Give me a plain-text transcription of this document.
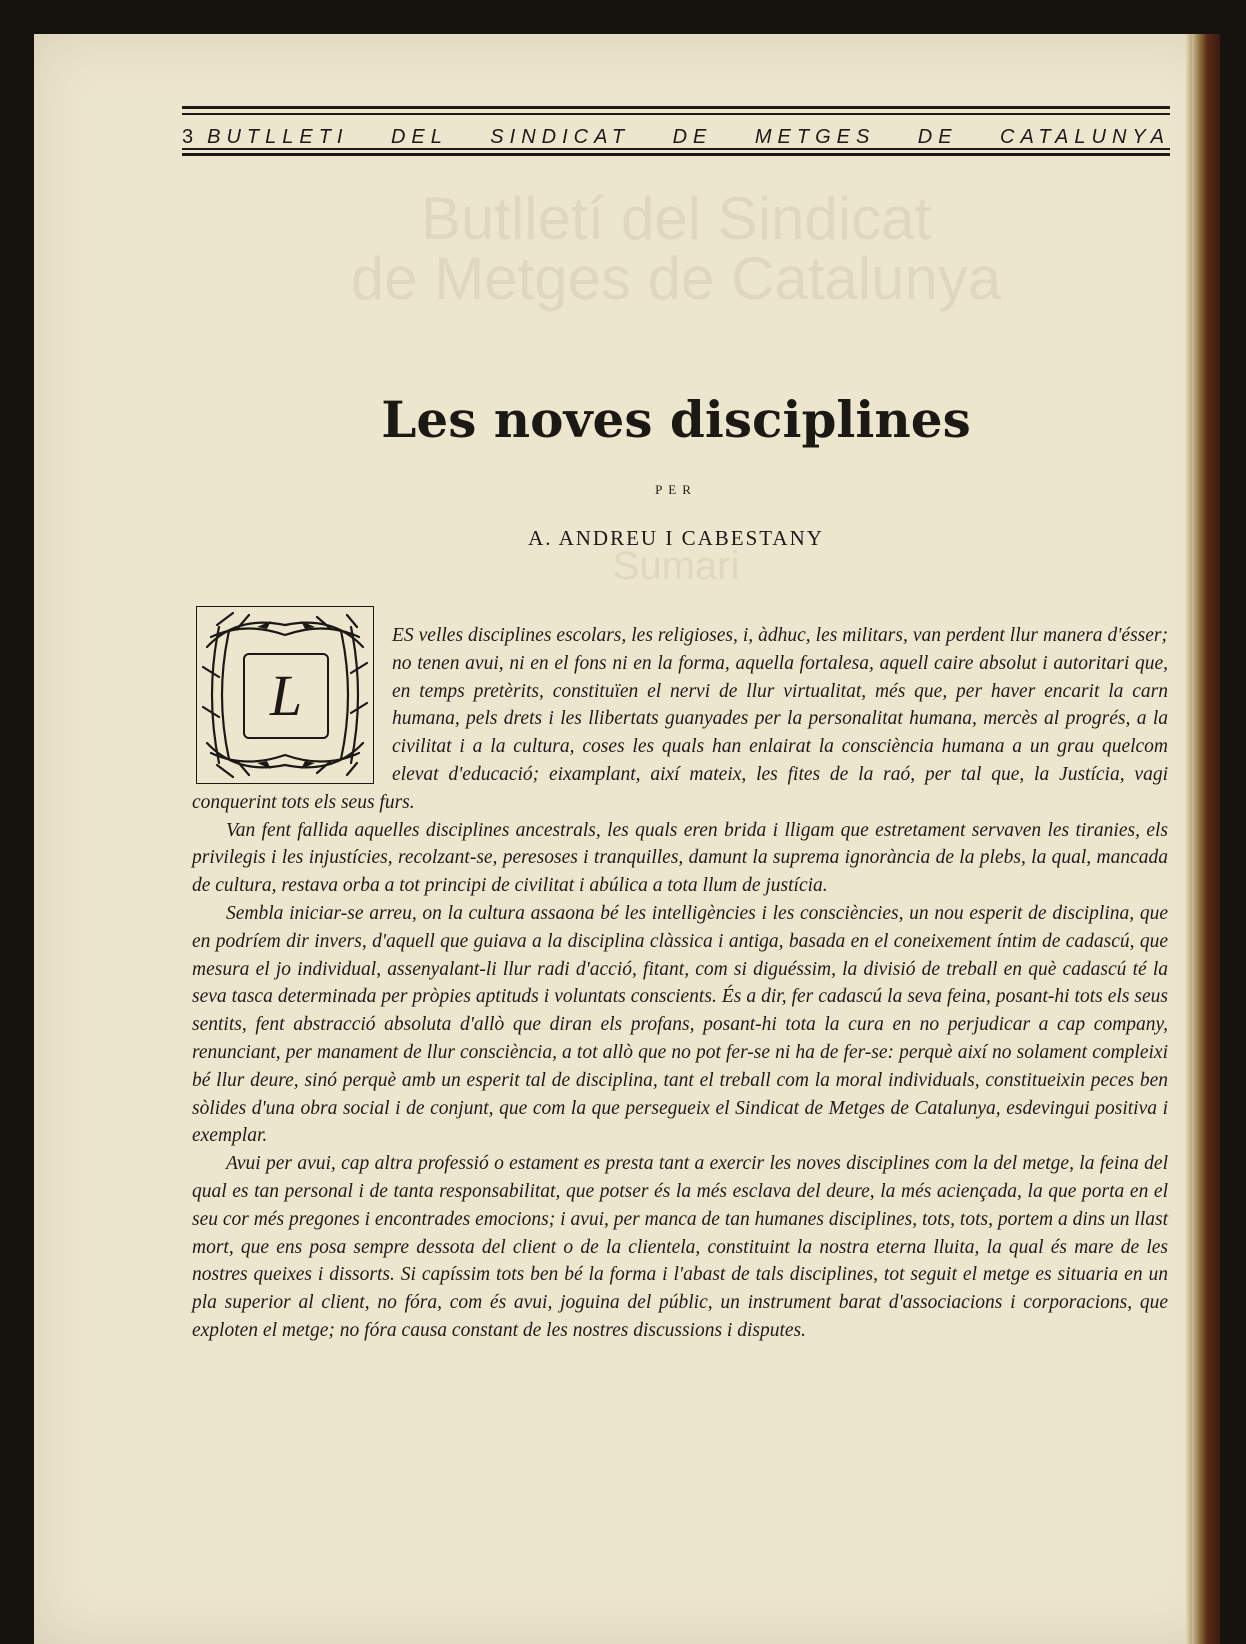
Butlletí del Sindicat
de Metges de Catalunya
Sumari
3 BUTLLETI DEL SINDICAT DE METGES DE CATALUNYA
Les noves disciplines
PER
A. ANDREU I CABESTANY

ES velles disciplines escolars, les religioses, i, àdhuc, les militars, van perdent llur manera d'ésser; no tenen avui, ni en el fons ni en la forma, aquella fortalesa, aquell caire absolut i autoritari que, en temps pretèrits, constituïen el nervi de llur virtualitat, més que, per haver encarit la carn humana, pels drets i les llibertats guanyades per la personalitat humana, mercès al progrés, a la civilitat i a la cultura, coses les quals han enlairat la consciència humana a un grau quelcom elevat d'educació; eixamplant, així mateix, les fites de la raó, per tal que, la Justícia, vagi conquerint tots els seus furs.

Van fent fallida aquelles disciplines ancestrals, les quals eren brida i lligam que estretament servaven les tiranies, els privilegis i les injustícies, recolzant-se, peresoses i tranquilles, damunt la suprema ignorància de la plebs, la qual, mancada de cultura, restava orba a tot principi de civilitat i abúlica a tota llum de justícia.

Sembla iniciar-se arreu, on la cultura assaona bé les intelligències i les consciències, un nou esperit de disciplina, que en podríem dir invers, d'aquell que guiava a la disciplina clàssica i antiga, basada en el coneixement íntim de cadascú, que mesura el jo individual, assenyalant-li llur radi d'acció, fitant, com si diguéssim, la divisió de treball en què cadascú té la seva tasca determinada per pròpies aptituds i voluntats conscients. És a dir, fer cadascú la seva feina, posant-hi tots els seus sentits, fent abstracció absoluta d'allò que diran els profans, posant-hi tota la cura en no perjudicar a cap company, renunciant, per manament de llur consciència, a tot allò que no pot fer-se ni ha de fer-se: perquè així no solament compleixi bé llur deure, sinó perquè amb un esperit tal de disciplina, tant el treball com la moral individuals, constitueixin peces ben sòlides d'una obra social i de conjunt, que com la que persegueix el Sindicat de Metges de Catalunya, esdevingui positiva i exemplar.

Avui per avui, cap altra professió o estament es presta tant a exercir les noves disciplines com la del metge, la feina del qual es tan personal i de tanta responsabilitat, que potser és la més esclava del deure, la més aciençada, la que porta en el seu cor més pregones i encontrades emocions; i avui, per manca de tan humanes disciplines, tots, tots, portem a dins un llast mort, que ens posa sempre dessota del client o de la clientela, constituint la nostra eterna lluita, la qual és mare de les nostres queixes i dissorts. Si capíssim tots ben bé la forma i l'abast de tals disciplines, tot seguit el metge es situaria en un pla superior al client, no fóra, com és avui, joguina del públic, un instrument barat d'associacions i corporacions, que exploten el metge; no fóra causa constant de les nostres discussions i disputes.

L
